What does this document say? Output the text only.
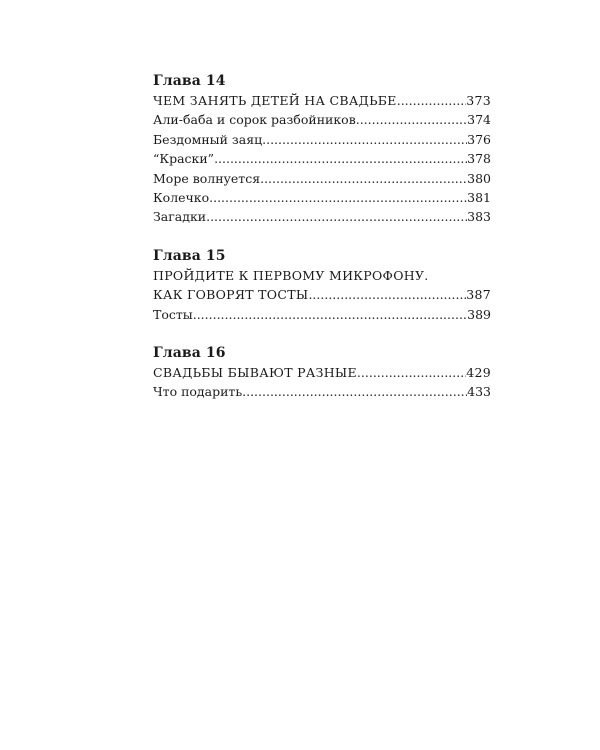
Глава 14
ЧЕМ ЗАНЯТЬ ДЕТЕЙ НА СВАДЬБЕ .....	373
Али-баба и сорок разбойников .....	374
Бездомный заяц .....	376
“Краски” .....	378
Море волнуется .....	380
Колечко .....	381
Загадки .....	383
Глава 15
ПРОЙДИТЕ К ПЕРВОМУ МИКРОФОНУ.
КАК ГОВОРЯТ ТОСТЫ .....	387
Тосты .....	389
Глава 16
СВАДЬБЫ БЫВАЮТ РАЗНЫЕ .....	429
Что подарить .....	433
